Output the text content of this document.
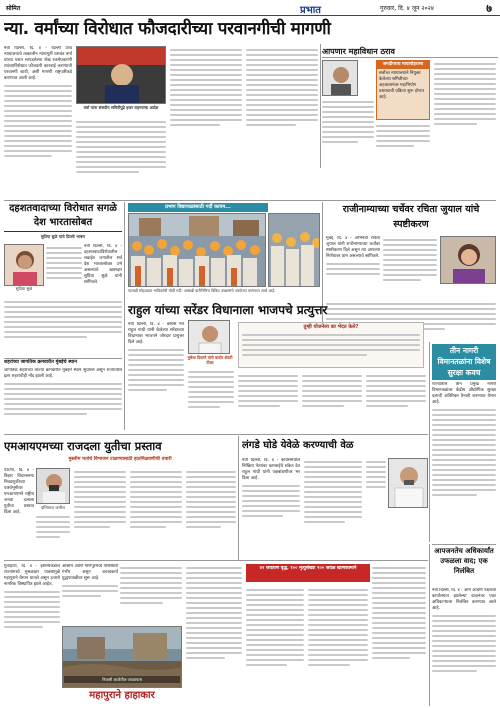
सोमित	प्रभात	गुरुवार, दि. ४ जून २०२४	७
न्या. वर्मांच्या विरोधात फौजदारीच्या परवानगीची मागणी
नवी दिल्ली, दि. ४ - दिल्ली उच्च न्यायालयाचे तत्कालीन न्यायमूर्ती यशवंत वर्मा यांच्या घरात सापडलेल्या रोख रकमेप्रकरणी त्यांच्याविरोधात फौजदारी कारवाई करण्याची परवानगी द्यावी, अशी मागणी राष्ट्रपतींकडे करण्यात आली आहे.
वर्मा यांना संसदीय समितीपुढे हजर राहण्याचा आदेश
आपणार महाविधान ठराव
जगदीपराय मायापोहराणा
सर्वोच्च न्यायालयाने नियुक्त केलेल्या समितीच्या अहवालानंतर महाभियोग प्रस्तावाची प्रक्रिया सुरू होणार आहे.
दहशतवादाच्या विरोधात सगळे देश भारतासोबत
सुप्रिया सुळे यांचे दिल्ली भाषण
सुप्रिया सुळे
नवी दिल्ली, दि. ४ - दहशतवादाविरोधातील लढाईत जगातील सर्व देश भारतासोबत उभे असल्याचे खासदार सुप्रिया सुळे यांनी सांगितले.
शहरांच्या जागतिक क्रमवारीत मुंबईचे स्थान
जागतिक शहरांच्या ताज्या क्रमवारीत मुंबईने स्थान सुधारले असून राज्यातील इतर शहरांचीही नोंद झाली आहे.
प्रभाग विद्यापाळांसाठी गर्दी कायम...
पालखी सोहळ्यात भाविकांची मोठी गर्दी; आषाढी वारीनिमित्त विविध उपक्रमांचे आयोजन करण्यात आले आहे.
राजीनाम्याच्या चर्चेवर रचिता जुयाल यांचे स्पष्टीकरण
मुंबई, दि. ४ - अभिनेत्री रचिता जुयाल यांनी राजीनाम्याच्या चर्चांवर स्पष्टीकरण दिले असून त्या आपल्या निर्णयावर ठाम असल्याचे सांगितले.
तीन नागरी विमानतळांना विशेष सुरक्षा कवच
राज्यातील तीन प्रमुख नागरी विमानतळांवर केंद्रीय औद्योगिक सुरक्षा दलाची अतिरिक्त तैनाती करण्यात येणार आहे.
राहुल यांच्या सरेंडर विधानाला भाजपचे प्रत्युत्तर
नवी दिल्ली, दि. ४ - काँग्रेस नेते राहुल गांधी यांनी केलेल्या सरेंडरच्या विधानावर भाजपने जोरदार प्रत्युत्तर दिले आहे.
मुकेश दिवाणे यांचे कठोर शेवटी टीका
तुम्ही योजनेला का भेदत केले?
एमआयएमच्या राजदला युतीचा प्रस्ताव
मुस्लीम मतांचे विभाजन टाळण्यासाठी हातमिळवणीची तयारी
पाटणा, दि. ४ - बिहार विधानसभा निवडणुकीच्या पार्श्वभूमीवर एमआयएमने राष्ट्रीय जनता दलाला युतीचा प्रस्ताव दिला आहे.
इम्तियाज जलील
लंगडे घोडे येवेळे करण्याची वेळ
नवी दिल्ली, दि. ४ - काँग्रेसमधील निष्क्रिय नेत्यांवर कारवाईचे संकेत देत राहुल गांधी यांनी पक्षबांधणीवर भर दिला आहे.
आपजनतेच अधिकार्यांत उफळला वाद; एक निलंबित
नवी दिल्ली, दि. ४ - आम आदमी पक्षाच्या कार्यालयात झालेल्या वादानंतर एका अधिकाऱ्याला निलंबित करण्यात आले आहे.
गुवाहाटी, दि. ४ - ईशान्येकडील राज्यांमध्ये मुसळधार पावसामुळे महापुराने थैमान घातले असून हजारो नागरिक विस्थापित झाले आहेत.
आसाम आणि मणिपूरमध्ये परिस्थिती गंभीर असून बचावकार्य युद्धपातळीवर सुरू आहे.
निवासी शाळेतील जवळपास
महापुराने हाहाकार
४२ जयताण वृद्ध, १०० मृत्युसंख्या ९०० जवळ खाणकामाने
